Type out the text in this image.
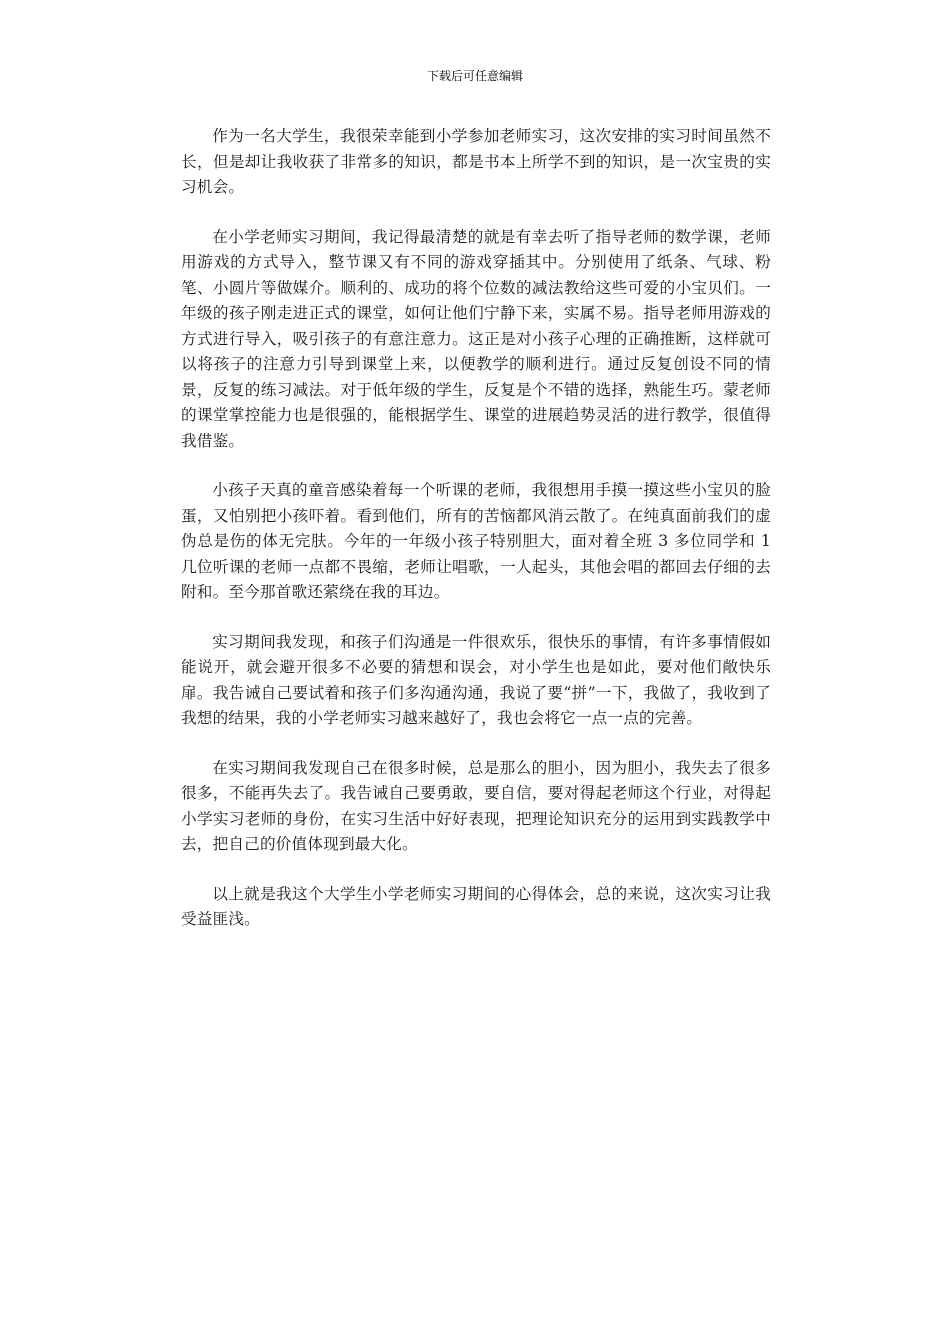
下载后可任意编辑

作为一名大学生，我很荣幸能到小学参加老师实习，这次安排的实习时间虽然不长，但是却让我收获了非常多的知识，都是书本上所学不到的知识，是一次宝贵的实习机会。

在小学老师实习期间，我记得最清楚的就是有幸去听了指导老师的数学课，老师用游戏的方式导入，整节课又有不同的游戏穿插其中。分别使用了纸条、气球、粉笔、小圆片等做媒介。顺利的、成功的将个位数的减法教给这些可爱的小宝贝们。一年级的孩子刚走进正式的课堂，如何让他们宁静下来，实属不易。指导老师用游戏的方式进行导入，吸引孩子的有意注意力。这正是对小孩子心理的正确推断，这样就可以将孩子的注意力引导到课堂上来，以便教学的顺利进行。通过反复创设不同的情景，反复的练习减法。对于低年级的学生，反复是个不错的选择，熟能生巧。蒙老师的课堂掌控能力也是很强的，能根据学生、课堂的进展趋势灵活的进行教学，很值得我借鉴。

小孩子天真的童音感染着每一个听课的老师，我很想用手摸一摸这些小宝贝的脸蛋，又怕别把小孩吓着。看到他们，所有的苦恼都风消云散了。在纯真面前我们的虚伪总是伤的体无完肤。今年的一年级小孩子特别胆大，面对着全班 3 多位同学和 1 几位听课的老师一点都不畏缩，老师让唱歌，一人起头，其他会唱的都回去仔细的去附和。至今那首歌还萦绕在我的耳边。

实习期间我发现，和孩子们沟通是一件很欢乐，很快乐的事情，有许多事情假如能说开，就会避开很多不必要的猜想和误会，对小学生也是如此，要对他们敞快乐扉。我告诫自己要试着和孩子们多沟通沟通，我说了要“拼”一下，我做了，我收到了我想的结果，我的小学老师实习越来越好了，我也会将它一点一点的完善。

在实习期间我发现自己在很多时候，总是那么的胆小，因为胆小，我失去了很多很多，不能再失去了。我告诫自己要勇敢，要自信，要对得起老师这个行业，对得起小学实习老师的身份，在实习生活中好好表现，把理论知识充分的运用到实践教学中去，把自己的价值体现到最大化。

以上就是我这个大学生小学老师实习期间的心得体会，总的来说，这次实习让我受益匪浅。
